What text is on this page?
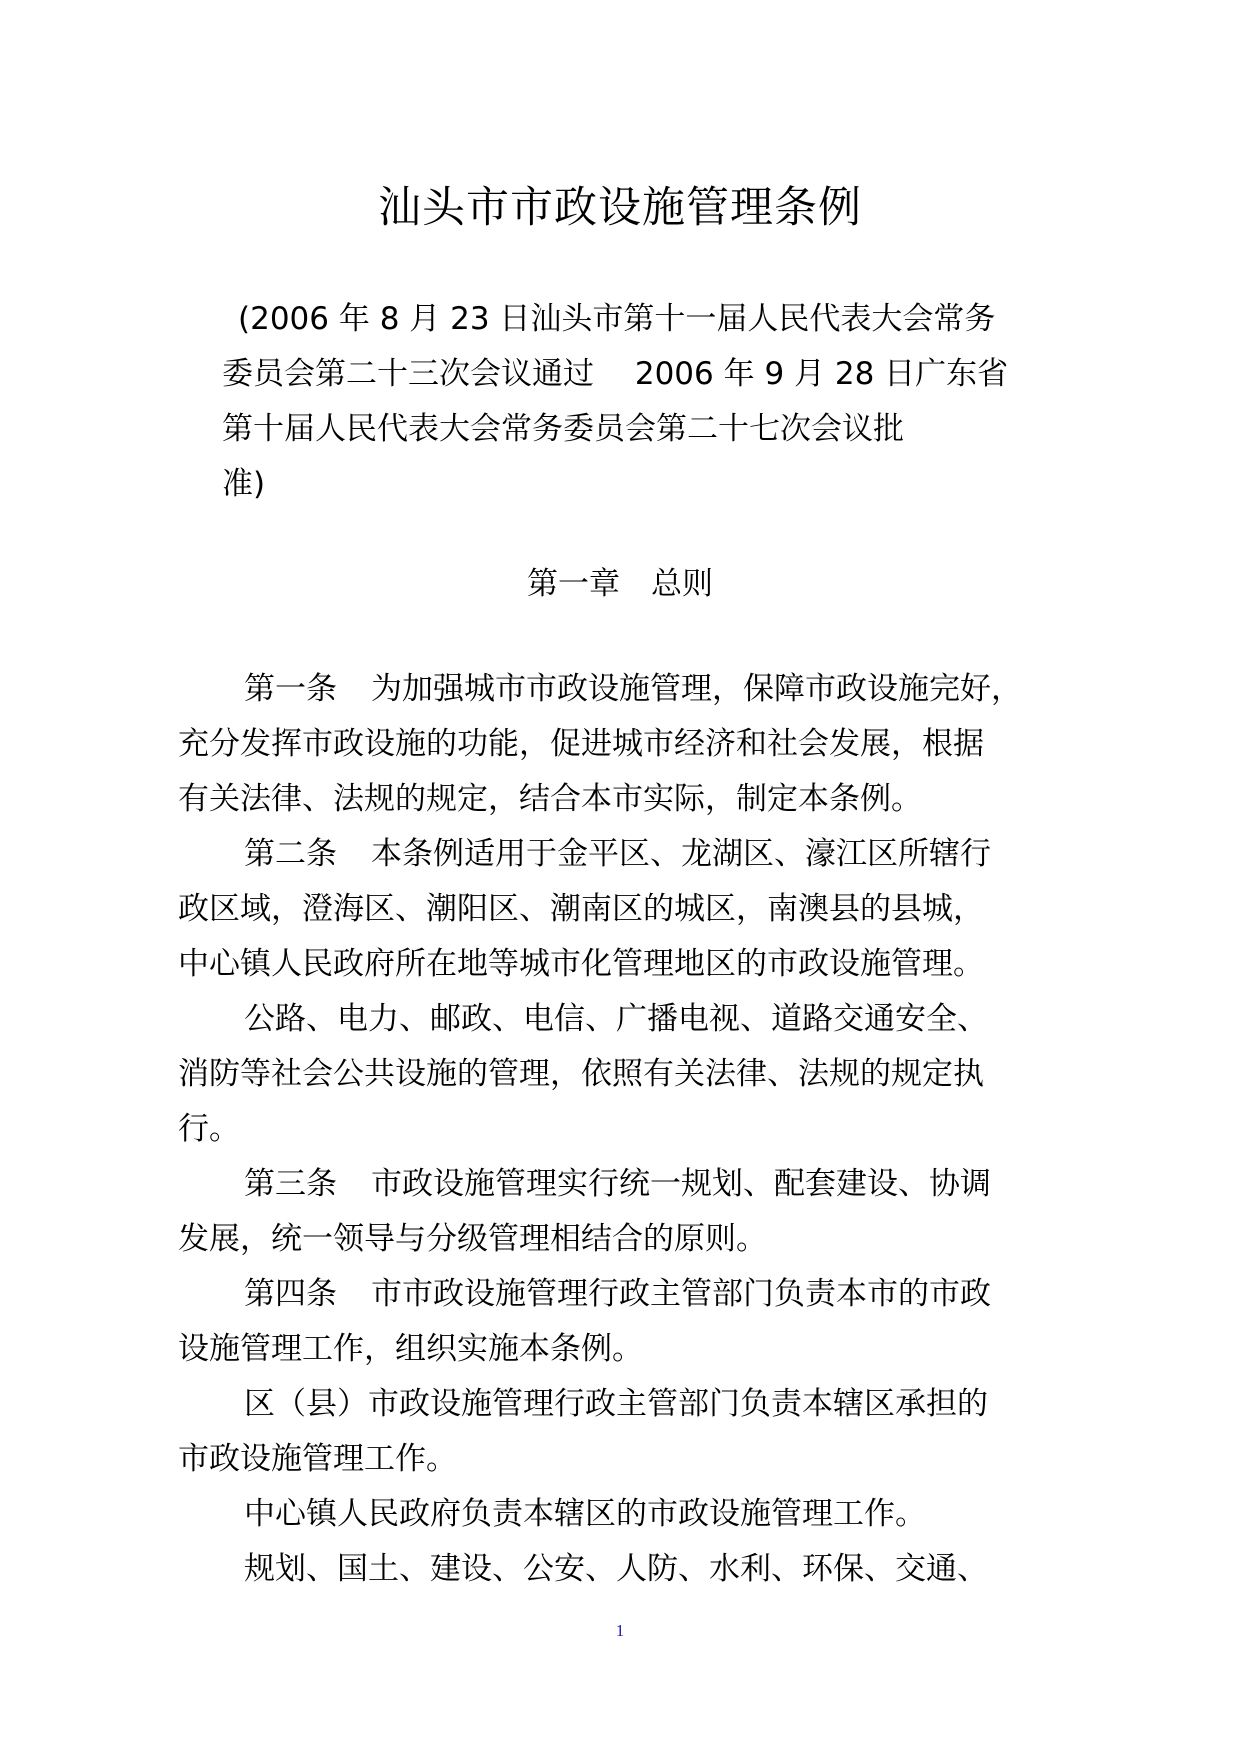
汕头市市政设施管理条例
(2006 年 8 月 23 日汕头市第十一届人民代表大会常务
委员会第二十三次会议通过　 2006 年 9 月 28 日广东省
第十届人民代表大会常务委员会第二十七次会议批
准)
第一章　总则
第一条 为加强城市市政设施管理，保障市政设施完好，
充分发挥市政设施的功能，促进城市经济和社会发展，根据
有关法律、法规的规定，结合本市实际，制定本条例。
第二条 本条例适用于金平区、龙湖区、濠江区所辖行
政区域，澄海区、潮阳区、潮南区的城区，南澳县的县城，
中心镇人民政府所在地等城市化管理地区的市政设施管理。
公路、电力、邮政、电信、广播电视、道路交通安全、
消防等社会公共设施的管理，依照有关法律、法规的规定执
行。
第三条 市政设施管理实行统一规划、配套建设、协调
发展，统一领导与分级管理相结合的原则。
第四条 市市政设施管理行政主管部门负责本市的市政
设施管理工作，组织实施本条例。
区（县）市政设施管理行政主管部门负责本辖区承担的
市政设施管理工作。
中心镇人民政府负责本辖区的市政设施管理工作。
规划、国土、建设、公安、人防、水利、环保、交通、
1
